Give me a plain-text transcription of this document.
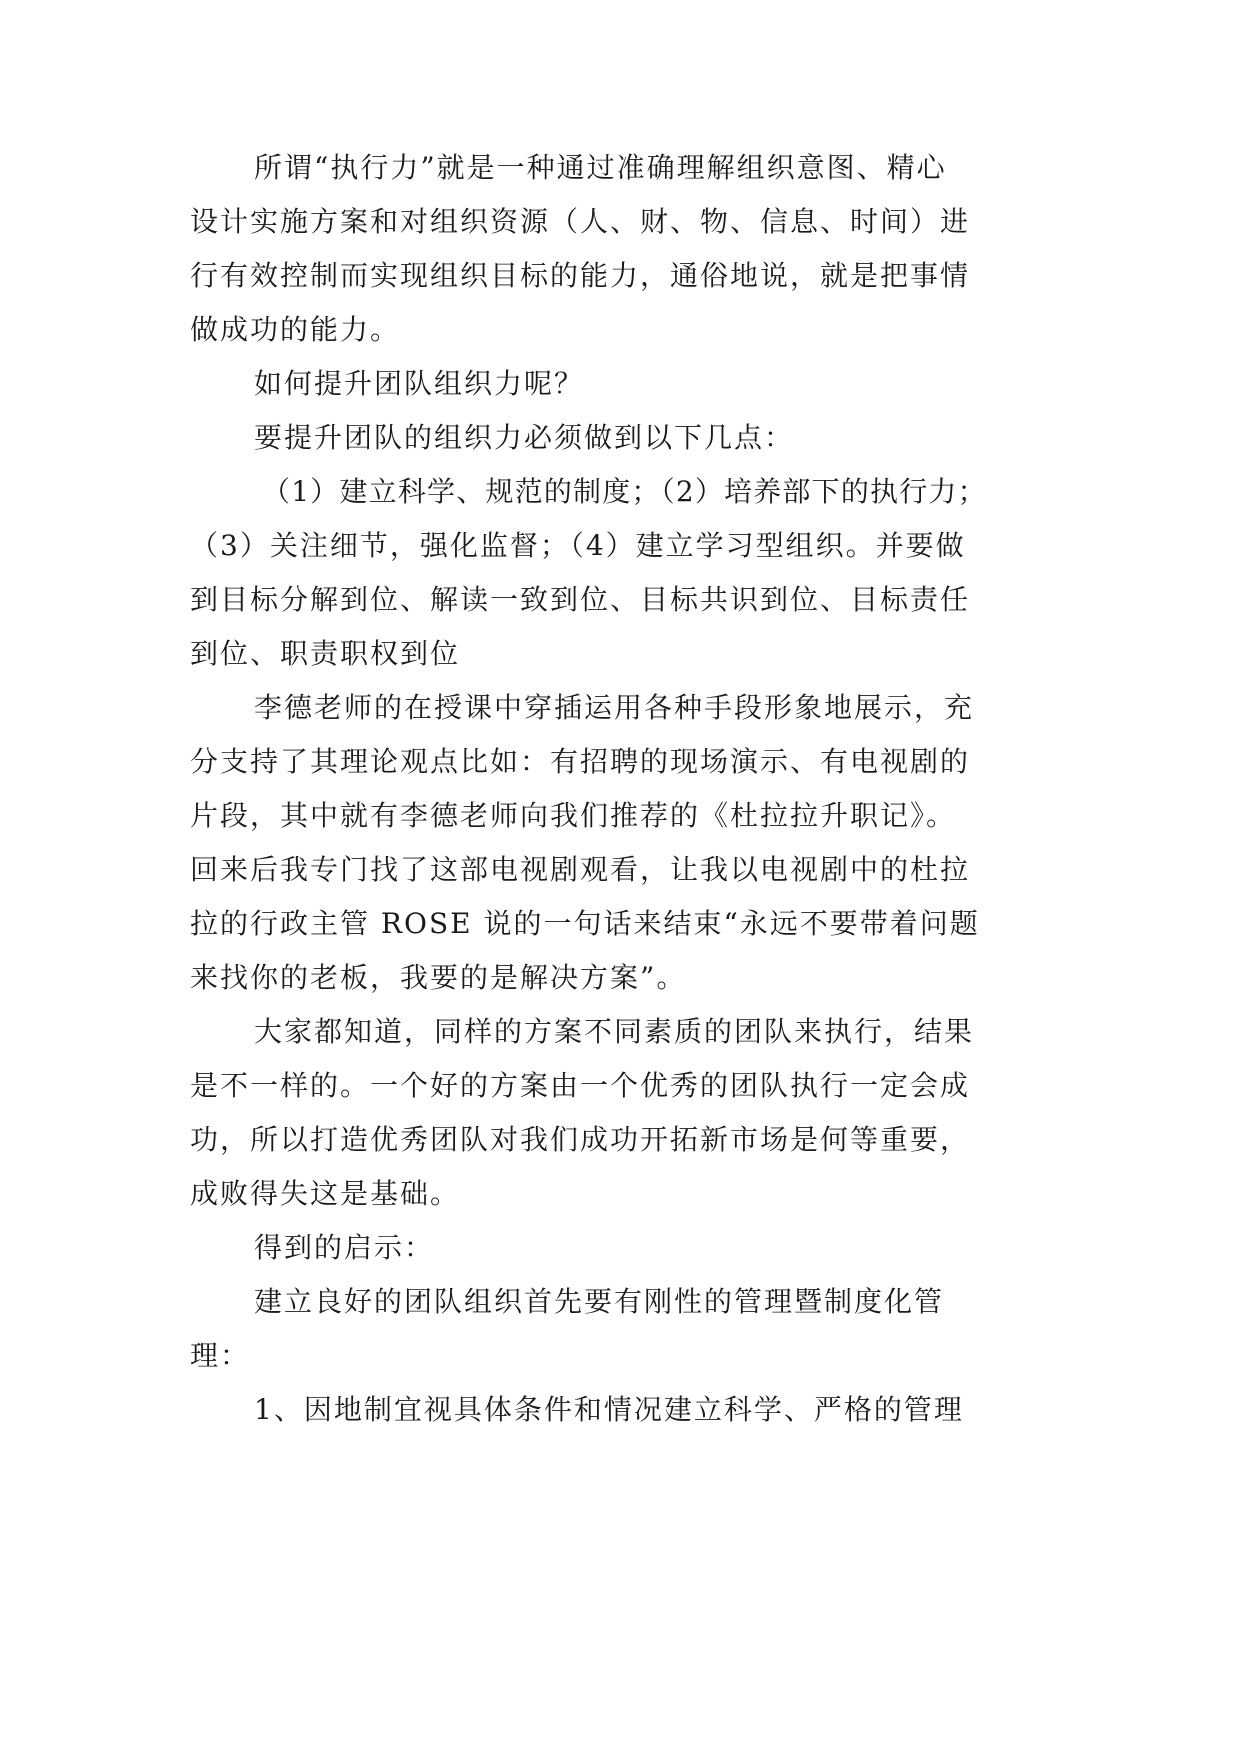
所谓“执行力”就是一种通过准确理解组织意图、精心
设计实施方案和对组织资源（人、财、物、信息、时间）进
行有效控制而实现组织目标的能力，通俗地说，就是把事情
做成功的能力。
如何提升团队组织力呢？
要提升团队的组织力必须做到以下几点：
（1）建立科学、规范的制度；（2）培养部下的执行力；
（3）关注细节，强化监督；（4）建立学习型组织。并要做
到目标分解到位、解读一致到位、目标共识到位、目标责任
到位、职责职权到位
李德老师的在授课中穿插运用各种手段形象地展示，充
分支持了其理论观点比如：有招聘的现场演示、有电视剧的
片段，其中就有李德老师向我们推荐的《杜拉拉升职记》。
回来后我专门找了这部电视剧观看，让我以电视剧中的杜拉
拉的行政主管 ROSE 说的一句话来结束“永远不要带着问题
来找你的老板，我要的是解决方案”。
大家都知道，同样的方案不同素质的团队来执行，结果
是不一样的。一个好的方案由一个优秀的团队执行一定会成
功，所以打造优秀团队对我们成功开拓新市场是何等重要，
成败得失这是基础。
得到的启示：
建立良好的团队组织首先要有刚性的管理暨制度化管
理：
1、因地制宜视具体条件和情况建立科学、严格的管理
